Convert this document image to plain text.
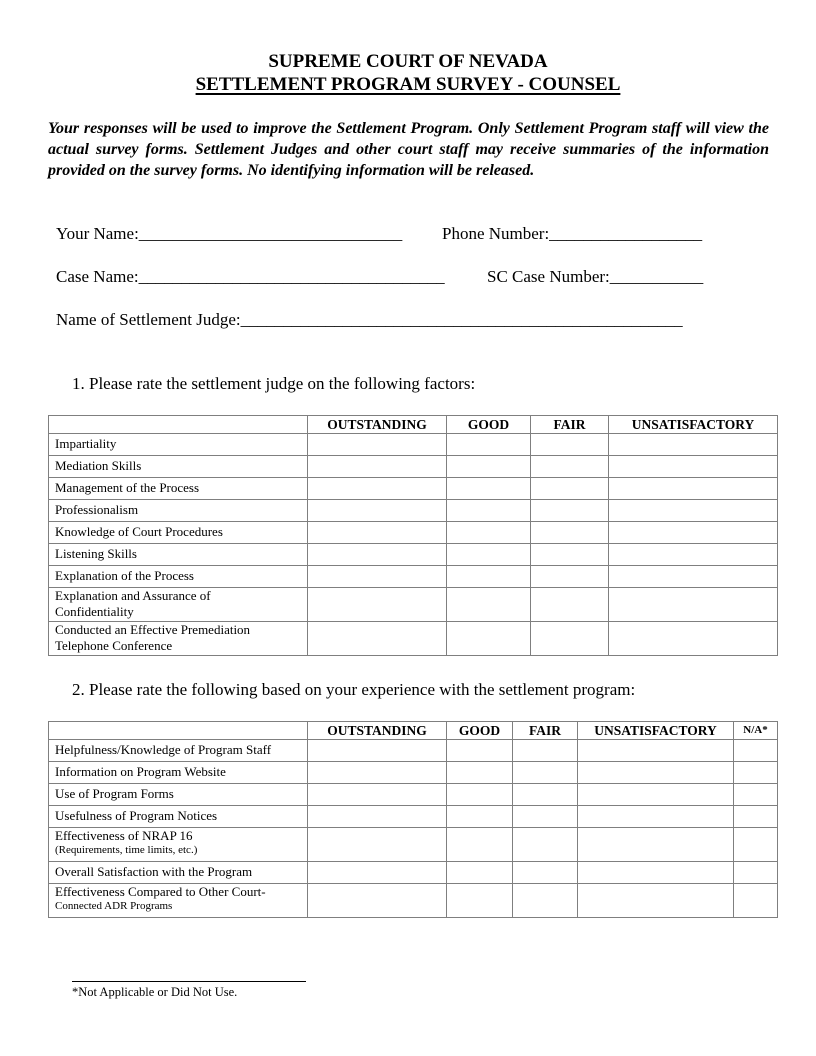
SUPREME COURT OF NEVADA
SETTLEMENT PROGRAM SURVEY - COUNSEL
Your responses will be used to improve the Settlement Program. Only Settlement Program staff will view the actual survey forms. Settlement Judges and other court staff may receive summaries of the information provided on the survey forms. No identifying information will be released.
Your Name:_______________________________ Phone Number:__________________
Case Name:____________________________________ SC Case Number:___________
Name of Settlement Judge:____________________________________________________
1. Please rate the settlement judge on the following factors:
	OUTSTANDING	GOOD	FAIR	UNSATISFACTORY
Impartiality				
Mediation Skills				
Management of the Process				
Professionalism				
Knowledge of Court Procedures				
Listening Skills				
Explanation of the Process				

Explanation and Assurance of
Confidentiality				

Conducted an Effective Premediation
Telephone Conference				

2. Please rate the following based on your experience with the settlement program:
	OUTSTANDING	GOOD	FAIR	UNSATISFACTORY	N/A*
Helpfulness/Knowledge of Program Staff					
Information on Program Website					
Use of Program Forms					
Usefulness of Program Notices					

Effectiveness of NRAP 16
(Requirements, time limits, etc.)					

Overall Satisfaction with the Program					

Effectiveness Compared to Other Court-
Connected ADR Programs					

*Not Applicable or Did Not Use.
